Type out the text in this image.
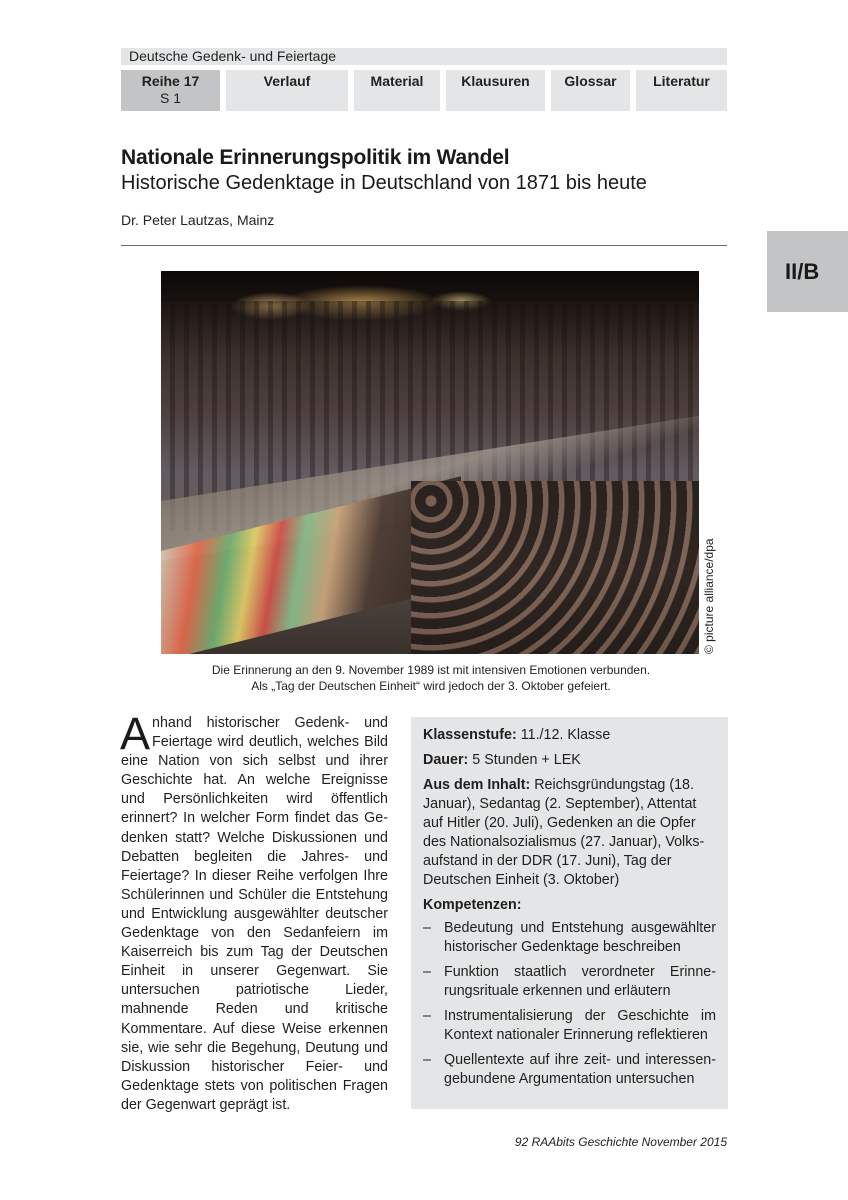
Deutsche Gedenk- und Feiertage
Reihe 17
S 1
Verlauf	Material	Klausuren	Glossar	Literatur
II/B
Nationale Erinnerungspolitik im Wandel
Historische Gedenktage in Deutschland von 1871 bis heute
Dr. Peter Lautzas, Mainz
© picture alliance/dpa
Die Erinnerung an den 9. November 1989 ist mit intensiven Emotionen verbunden.
Als „Tag der Deutschen Einheit“ wird jedoch der 3. Oktober gefeiert.
Anhand historischer Gedenk- und Feiertage wird deutlich, welches Bild eine Nation von sich selbst und ihrer Geschichte hat. An welche Ereignisse und Persönlichkeiten wird öffentlich erinnert? In welcher Form findet das Gedenken statt? Welche Diskussionen und Debatten begleiten die Jahres- und Feiertage? In dieser Reihe verfolgen Ihre Schülerinnen und Schüler die Entstehung und Entwicklung ausgewählter deutscher Gedenktage von den Sedanfeiern im Kaiserreich bis zum Tag der Deutschen Einheit in unserer Gegenwart. Sie untersuchen patriotische Lieder, mahnende Reden und kritische Kommentare. Auf diese Weise erkennen sie, wie sehr die Begehung, Deutung und Diskussion historischer Feier- und Gedenktage stets von politischen Fragen der Gegenwart geprägt ist.

Klassenstufe: 11./12. Klasse

Dauer: 5 Stunden + LEK

Aus dem Inhalt: Reichsgründungstag (18. Januar), Sedantag (2. September), Attentat auf Hitler (20. Juli), Gedenken an die Opfer des Nationalsozialismus (27. Januar), Volksaufstand in der DDR (17. Juni), Tag der Deutschen Einheit (3. Oktober)

Kompetenzen:

– Bedeutung und Entstehung ausgewählter historischer Gedenktage beschreiben
– Funktion staatlich verordneter Erinnerungsrituale erkennen und erläutern
– Instrumentalisierung der Geschichte im Kontext nationaler Erinnerung reflektieren
– Quellentexte auf ihre zeit- und interessengebundene Argumentation untersuchen
92 RAAbits Geschichte November 2015
